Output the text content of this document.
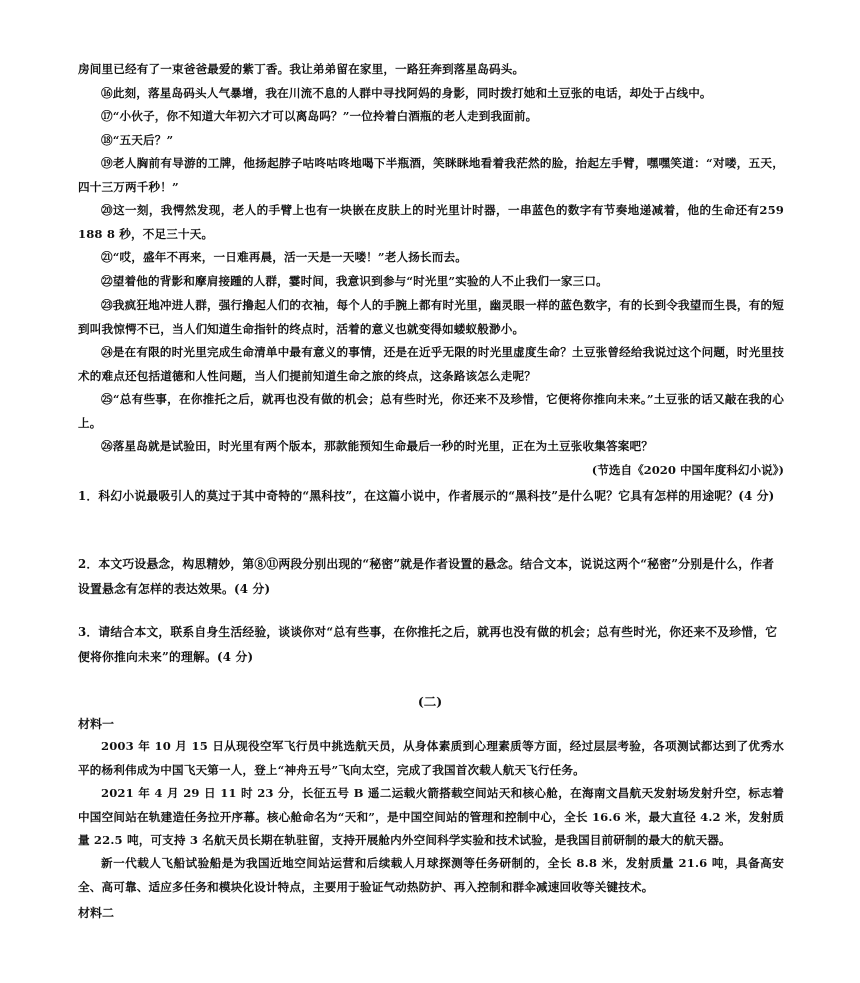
房间里已经有了一束爸爸最爱的紫丁香。我让弟弟留在家里，一路狂奔到落星岛码头。

⑯此刻，落星岛码头人气暴增，我在川流不息的人群中寻找阿妈的身影，同时拨打她和土豆张的电话，却处于占线中。

⑰“小伙子，你不知道大年初六才可以离岛吗？”一位拎着白酒瓶的老人走到我面前。

⑱“五天后？”

⑲老人胸前有导游的工牌，他扬起脖子咕咚咕咚地喝下半瓶酒，笑眯眯地看着我茫然的脸，抬起左手臂，嘿嘿笑道：“对喽，五天，四十三万两千秒！”

⑳这一刻，我愕然发现，老人的手臂上也有一块嵌在皮肤上的时光里计时器，一串蓝色的数字有节奏地递减着，他的生命还有259 188 8 秒，不足三十天。

㉑“哎，盛年不再来，一日难再晨，活一天是一天喽！”老人扬长而去。

㉒望着他的背影和摩肩接踵的人群，霎时间，我意识到参与“时光里”实验的人不止我们一家三口。

㉓我疯狂地冲进人群，强行撸起人们的衣袖，每个人的手腕上都有时光里，幽灵眼一样的蓝色数字，有的长到令我望而生畏，有的短到叫我惊愕不已，当人们知道生命指针的终点时，活着的意义也就变得如蝼蚁般渺小。

㉔是在有限的时光里完成生命清单中最有意义的事情，还是在近乎无限的时光里虚度生命？土豆张曾经给我说过这个问题，时光里技术的难点还包括道德和人性问题，当人们提前知道生命之旅的终点，这条路该怎么走呢？

㉕“总有些事，在你推托之后，就再也没有做的机会；总有些时光，你还来不及珍惜，它便将你推向未来。”土豆张的话又敲在我的心上。

㉖落星岛就是试验田，时光里有两个版本，那款能预知生命最后一秒的时光里，正在为土豆张收集答案吧？

(节选自《2020 中国年度科幻小说》)

1．科幻小说最吸引人的莫过于其中奇特的“黑科技”，在这篇小说中，作者展示的“黑科技”是什么呢？它具有怎样的用途呢？(4 分)

2．本文巧设悬念，构思精妙，第⑧⑪两段分别出现的“秘密”就是作者设置的悬念。结合文本，说说这两个“秘密”分别是什么，作者设置悬念有怎样的表达效果。(4 分)

3．请结合本文，联系自身生活经验，谈谈你对“总有些事，在你推托之后，就再也没有做的机会；总有些时光，你还来不及珍惜，它便将你推向未来”的理解。(4 分)

(二)
材料一

2003 年 10 月 15 日从现役空军飞行员中挑选航天员，从身体素质到心理素质等方面，经过层层考验，各项测试都达到了优秀水平的杨利伟成为中国飞天第一人，登上“神舟五号”飞向太空，完成了我国首次载人航天飞行任务。

2021 年 4 月 29 日 11 时 23 分，长征五号 B 遥二运载火箭搭载空间站天和核心舱，在海南文昌航天发射场发射升空，标志着中国空间站在轨建造任务拉开序幕。核心舱命名为“天和”，是中国空间站的管理和控制中心，全长 16.6 米，最大直径 4.2 米，发射质量 22.5 吨，可支持 3 名航天员长期在轨驻留，支持开展舱内外空间科学实验和技术试验，是我国目前研制的最大的航天器。

新一代载人飞船试验船是为我国近地空间站运营和后续载人月球探测等任务研制的，全长 8.8 米，发射质量 21.6 吨，具备高安全、高可靠、适应多任务和模块化设计特点，主要用于验证气动热防护、再入控制和群伞减速回收等关键技术。

材料二
